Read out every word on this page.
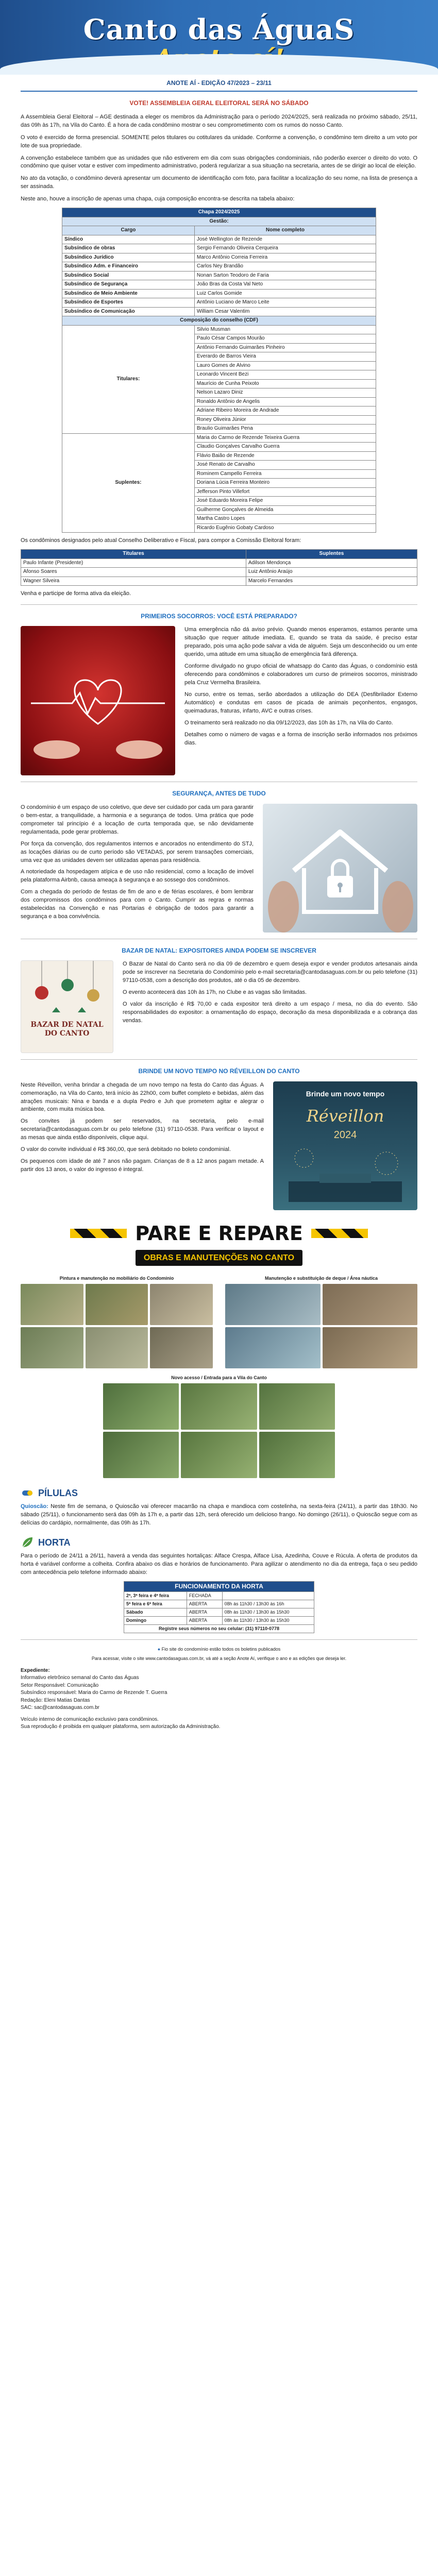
Canto das ÁguaS
ANOTE AÍ - EDIÇÃO 47/2023 – 23/11
VOTE! ASSEMBLEIA GERAL ELEITORAL SERÁ NO SÁBADO

A Assembleia Geral Eleitoral – AGE destinada a eleger os membros da Administração para o período 2024/2025, será realizada no próximo sábado, 25/11, das 09h às 17h, na Vila do Canto. É a hora de cada condômino mostrar o seu comprometimento com os rumos do nosso Canto.

O voto é exercido de forma presencial. SOMENTE pelos titulares ou cotitulares da unidade. Conforme a convenção, o condômino tem direito a um voto por lote de sua propriedade.

A convenção estabelece também que as unidades que não estiverem em dia com suas obrigações condominiais, não poderão exercer o direito do voto. O condômino que quiser votar e estiver com impedimento administrativo, poderá regularizar a sua situação na secretaria, antes de se dirigir ao local de eleição.

No ato da votação, o condômino deverá apresentar um documento de identificação com foto, para facilitar a localização do seu nome, na lista de presença a ser assinada.

Neste ano, houve a inscrição de apenas uma chapa, cuja composição encontra-se descrita na tabela abaixo:

Chapa 2024/2025	
Gestão:	
Cargo	Nome completo
Síndico	José Wellington de Rezende
Subsíndico de obras	Sergio Fernando Oliveira Cerqueira
Subsíndico Jurídico	Marco Antônio Correia Ferreira
Subsíndico Adm. e Financeiro	Carlos Ney Brandão
Subsíndico Social	Nonan Sarton Teodoro de Faria
Subsíndico de Segurança	João Bras da Costa Val Neto
Subsíndico de Meio Ambiente	Luiz Carlos Gomide
Subsíndico de Esportes	Antônio Luciano de Marco Leite
Subsíndico de Comunicação	William Cesar Valentim
Composição do conselho (CDF)	
Titulares:	Silvio Musman
	Paulo César Campos Mourão
	Antônio Fernando Guimarães Pinheiro
	Everardo de Barros Vieira
	Lauro Gomes de Alvino
	Leonardo Vincent Bezi
	Maurício de Cunha Peixoto
	Nelson Lazaro Diniz
	Ronaldo Antônio de Angelis
	Adriane Ribeiro Moreira de Andrade
	Roney Oliveira Júnior
	Braulio Guimarães Pena
Suplentes:	Maria do Carmo de Rezende Teixeira Guerra
	Claudio Gonçalves Carvalho Guerra
	Flávio Baião de Rezende
	José Renato de Carvalho
	Rominem Campello Ferreira
	Doriana Lúcia Ferreira Monteiro
	Jefferson Pinto Villefort
	José Eduardo Moreira Felipe
	Guilherme Gonçalves de Almeida
	Martha Castro Lopes
	Ricardo Eugênio Gobaty Cardoso

Os condôminos designados pelo atual Conselho Deliberativo e Fiscal, para compor a Comissão Eleitoral foram:

Titulares	Suplentes
Paulo Infante (Presidente)	Adilson Mendonça
Afonso Soares	Luiz Antônio Araújo
Wagner Silveira	Marcelo Fernandes

Venha e participe de forma ativa da eleição.

PRIMEIROS SOCORROS: VOCÊ ESTÁ PREPARADO?

Uma emergência não dá aviso prévio. Quando menos esperamos, estamos perante uma situação que requer atitude imediata. E, quando se trata da saúde, é preciso estar preparado, pois uma ação pode salvar a vida de alguém. Seja um desconhecido ou um ente querido, uma atitude em uma situação de emergência fará diferença.

Conforme divulgado no grupo oficial de whatsapp do Canto das Águas, o condomínio está oferecendo para condôminos e colaboradores um curso de primeiros socorros, ministrado pela Cruz Vermelha Brasileira.

No curso, entre os temas, serão abordados a utilização do DEA (Desfibrilador Externo Automático) e condutas em casos de picada de animais peçonhentos, engasgos, queimaduras, fraturas, infarto, AVC e outras crises.

O treinamento será realizado no dia 09/12/2023, das 10h às 17h, na Vila do Canto.

Detalhes como o número de vagas e a forma de inscrição serão informados nos próximos dias.

SEGURANÇA, ANTES DE TUDO

O condomínio é um espaço de uso coletivo, que deve ser cuidado por cada um para garantir o bem-estar, a tranquilidade, a harmonia e a segurança de todos. Uma prática que pode comprometer tal princípio é a locação de curta temporada que, se não devidamente regulamentada, pode gerar problemas.

Por força da convenção, dos regulamentos internos e ancorados no entendimento do STJ, as locações diárias ou de curto período são VETADAS, por serem transações comerciais, uma vez que as unidades devem ser utilizadas apenas para residência.

A notoriedade da hospedagem atípica e de uso não residencial, como a locação de imóvel pela plataforma Airbnb, causa ameaça à segurança e ao sossego dos condôminos.

Com a chegada do período de festas de fim de ano e de férias escolares, é bom lembrar dos compromissos dos condôminos para com o Canto. Cumprir as regras e normas estabelecidas na Convenção e nas Portarias é obrigação de todos para garantir a segurança e a boa convivência.

BAZAR DE NATAL: EXPOSITORES AINDA PODEM SE INSCREVER
BAZAR DE NATAL DO CANTO

O Bazar de Natal do Canto será no dia 09 de dezembro e quem deseja expor e vender produtos artesanais ainda pode se inscrever na Secretaria do Condomínio pelo e-mail secretaria@cantodasaguas.com.br ou pelo telefone (31) 97110-0538, com a descrição dos produtos, até o dia 05 de dezembro.

O evento acontecerá das 10h às 17h, no Clube e as vagas são limitadas.

O valor da inscrição é R$ 70,00 e cada expositor terá direito a um espaço / mesa, no dia do evento. São responsabilidades do expositor: a ornamentação do espaço, decoração da mesa disponibilizada e a cobrança das vendas.

BRINDE UM NOVO TEMPO NO RÉVEILLON DO CANTO

Neste Réveillon, venha brindar a chegada de um novo tempo na festa do Canto das Águas. A comemoração, na Vila do Canto, terá início às 22h00, com buffet completo e bebidas, além das atrações musicais: Nina e banda e a dupla Pedro e Juh que prometem agitar e alegrar o ambiente, com muita música boa.

Os convites já podem ser reservados, na secretaria, pelo e-mail secretaria@cantodasaguas.com.br ou pelo telefone (31) 97110-0538. Para verificar o layout e as mesas que ainda estão disponíveis, clique aqui.

O valor do convite individual é R$ 360,00, que será debitado no boleto condominial.

Os pequenos com idade de até 7 anos não pagam. Crianças de 8 a 12 anos pagam metade. A partir dos 13 anos, o valor do ingresso é integral.

Brinde um novo tempo
Réveillon
2024
PARE E REPARE
OBRAS E MANUTENÇÕES NO CANTO
Pintura e manutenção no mobiliário do Condomínio	Manutenção e substituição de deque / Área náutica
Novo acesso / Entrada para a Vila do Canto
PÍLULAS

Quioscão: Neste fim de semana, o Quioscão vai oferecer macarrão na chapa e mandioca com costelinha, na sexta-feira (24/11), a partir das 18h30. No sábado (25/11), o funcionamento será das 09h às 17h e, a partir das 12h, será oferecido um delicioso frango. No domingo (26/11), o Quioscão segue com as delícias do cardápio, normalmente, das 09h às 17h.

HORTA

Para o período de 24/11 a 26/11, haverá a venda das seguintes hortaliças: Alface Crespa, Alface Lisa, Azedinha, Couve e Rúcula. A oferta de produtos da horta é variável conforme a colheita. Confira abaixo os dias e horários de funcionamento. Para agilizar o atendimento no dia da entrega, faça o seu pedido com antecedência pelo telefone informado abaixo:

FUNCIONAMENTO DA HORTA		
2ª, 3ª feira e 4ª feira	FECHADA	
5ª feira e 6ª feira	ABERTA	08h às 11h30 / 13h30 às 16h
Sábado	ABERTA	08h às 11h30 / 13h30 às 15h30
Domingo	ABERTA	08h às 11h30 / 13h30 às 15h30
Registre seus números no seu celular: (31) 97110-0778		
● Fio site do condomínio estão todos os boletins publicados
Para acessar, visite o site www.cantodasaguas.com.br, vá até a seção Anote Aí, verifique o ano e as edições que deseja ler.
Expediente:
Informativo eletrônico semanal do Canto das Águas
Setor Responsável: Comunicação
Subsíndico responsável: Maria do Carmo de Rezende T. Guerra
Redação: Eleni Matias Dantas
SAC: sac@cantodasaguas.com.br
Veículo interno de comunicação exclusivo para condôminos.
Sua reprodução é proibida em qualquer plataforma, sem autorização da Administração.
